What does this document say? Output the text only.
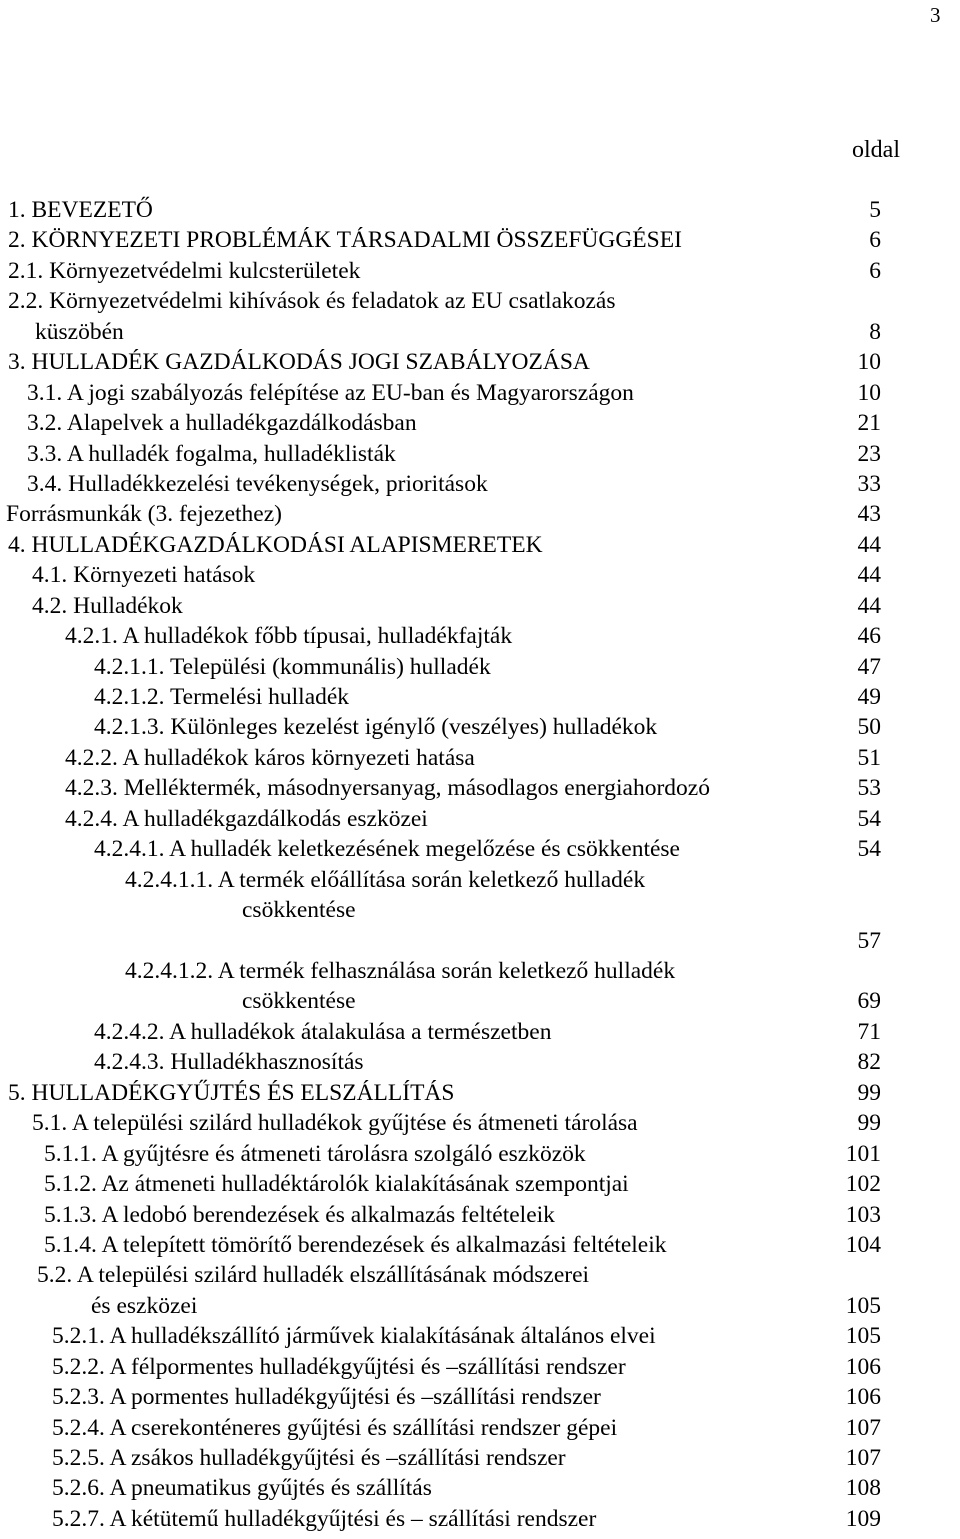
3
oldal
1. BEVEZETŐ	5
2. KÖRNYEZETI PROBLÉMÁK TÁRSADALMI ÖSSZEFÜGGÉSEI	6
2.1. Környezetvédelmi kulcsterületek	6
2.2. Környezetvédelmi kihívások és feladatok az EU csatlakozás
küszöbén	8
3. HULLADÉK GAZDÁLKODÁS JOGI SZABÁLYOZÁSA	10
3.1. A jogi szabályozás felépítése az EU-ban és Magyarországon	10
3.2. Alapelvek a hulladékgazdálkodásban	21
3.3. A hulladék fogalma, hulladéklisták	23
3.4. Hulladékkezelési tevékenységek, prioritások	33
Forrásmunkák (3. fejezethez)	43
4. HULLADÉKGAZDÁLKODÁSI ALAPISMERETEK	44
4.1. Környezeti hatások	44
4.2. Hulladékok	44
4.2.1. A hulladékok főbb típusai, hulladékfajták	46
4.2.1.1. Települési (kommunális) hulladék	47
4.2.1.2. Termelési hulladék	49
4.2.1.3. Különleges kezelést igénylő (veszélyes) hulladékok	50
4.2.2. A hulladékok káros környezeti hatása	51
4.2.3. Melléktermék, másodnyersanyag, másodlagos energiahordozó	53
4.2.4. A hulladékgazdálkodás eszközei	54
4.2.4.1. A hulladék keletkezésének megelőzése és csökkentése	54
4.2.4.1.1. A termék előállítása során keletkező hulladék
csökkentése
57
4.2.4.1.2. A termék felhasználása során keletkező hulladék
csökkentése	69
4.2.4.2. A hulladékok átalakulása a természetben	71
4.2.4.3. Hulladékhasznosítás	82
5. HULLADÉKGYŰJTÉS ÉS ELSZÁLLÍTÁS	99
5.1. A települési szilárd hulladékok gyűjtése és átmeneti tárolása	99
5.1.1. A gyűjtésre és átmeneti tárolásra szolgáló eszközök	101
5.1.2. Az átmeneti hulladéktárolók kialakításának szempontjai	102
5.1.3. A ledobó berendezések és alkalmazás feltételeik	103
5.1.4. A telepített tömörítő berendezések és alkalmazási feltételeik	104
5.2. A települési szilárd hulladék elszállításának módszerei
és eszközei	105
5.2.1. A hulladékszállító járművek kialakításának általános elvei	105
5.2.2. A félpormentes hulladékgyűjtési és –szállítási rendszer	106
5.2.3. A pormentes hulladékgyűjtési és –szállítási rendszer	106
5.2.4. A cserekonténeres gyűjtési és szállítási rendszer gépei	107
5.2.5. A zsákos hulladékgyűjtési és –szállítási rendszer	107
5.2.6. A pneumatikus gyűjtés és szállítás	108
5.2.7. A kétütemű hulladékgyűjtési és – szállítási rendszer	109
